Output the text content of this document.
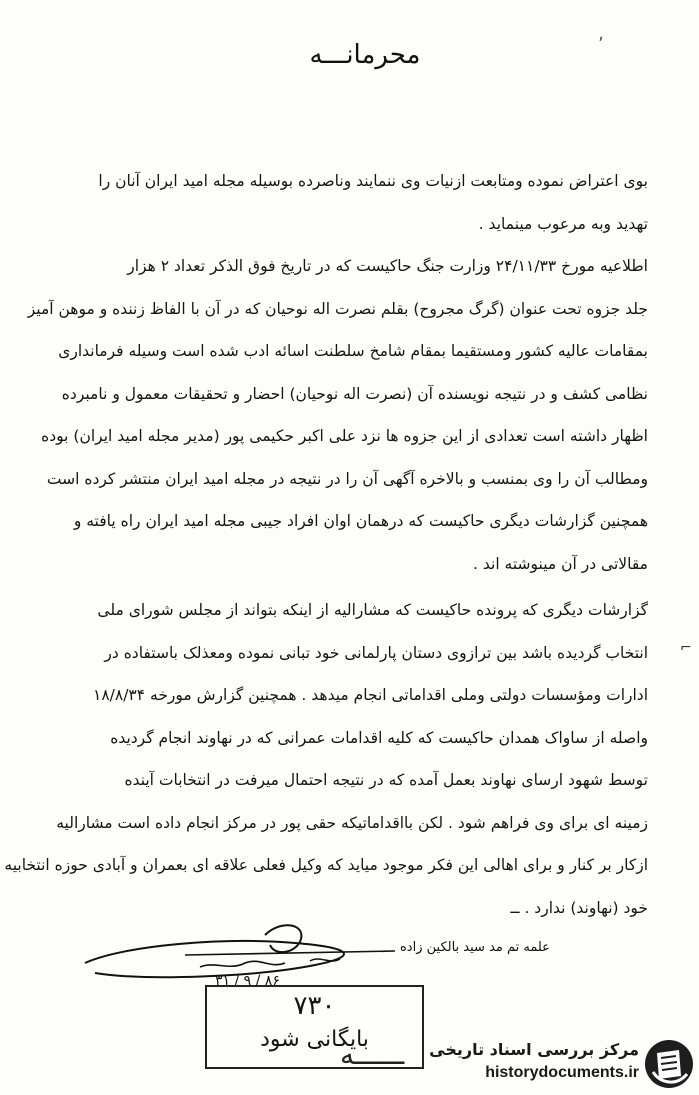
٬
محرمانـــه
بوی اعتراض نموده ومتابعت ازنیات وی ننمایند وناصرده بوسیله مجله امید ایران آنان را
تهدید وبه مرعوب مینماید .
اطلاعیه مورخ ۲۴/۱۱/۳۳ وزارت جنگ حاکیست که در تاریخ فوق الذکر تعداد ۲ هزار
جلد جزوه تحت عنوان (گرگ مجروح) بقلم نصرت اله نوحیان که در آن با الفاظ زننده و موهن آمیز
بمقامات عالیه کشور ومستقیما بمقام شامخ سلطنت اسائه ادب شده است وسیله فرمانداری
نظامی کشف و در نتیجه نویسنده آن (نصرت اله نوحیان) احضار و تحقیقات معمول و نامبرده
اظهار داشته است تعدادی از این جزوه ها نزد علی اکبر حکیمی پور (مدیر مجله امید ایران) بوده
ومطالب آن را وی بمنسب و بالاخره آگهی آن را در نتیجه در مجله امید ایران منتشر کرده است
همچنین گزارشات دیگری حاکیست که درهمان اوان افراد جیبی مجله امید ایران راه یافته و
مقالاتی در آن مینوشته اند .
گزارشات دیگری که پرونده حاکیست که مشارالیه از اینکه بتواند از مجلس شورای ملی
انتخاب گردیده باشد بین ترازوی دستان پارلمانی خود تبانی نموده ومعذلک باستفاده در
ادارات ومؤسسات دولتی وملی اقداماتی انجام میدهد . همچنین گزارش مورخه ۱۸/۸/۳۴
واصله از ساواک همدان حاکیست که کلیه اقدامات عمرانی که در نهاوند انجام گردیده
توسط شهود ارسای نهاوند بعمل آمده که در نتیجه احتمال میرفت در انتخابات آینده
زمینه ای برای وی فراهم شود . لکن بااقداماتیکه حقی پور در مرکز انجام داده است مشارالیه
ازکار بر کنار و برای اهالی این فکر موجود میاید که وکیل فعلی علاقه ای بعمران و آبادی حوزه انتخابیه
خود (نهاوند) ندارد . ــ
⌐
علمه تم مد سید بالکین زاده
۳۱ / ۹ / ۸۶
۷۳۰
بایگانی شود
ــــــه مرکز بررسی اسناد تاریخی
historydocuments.ir
